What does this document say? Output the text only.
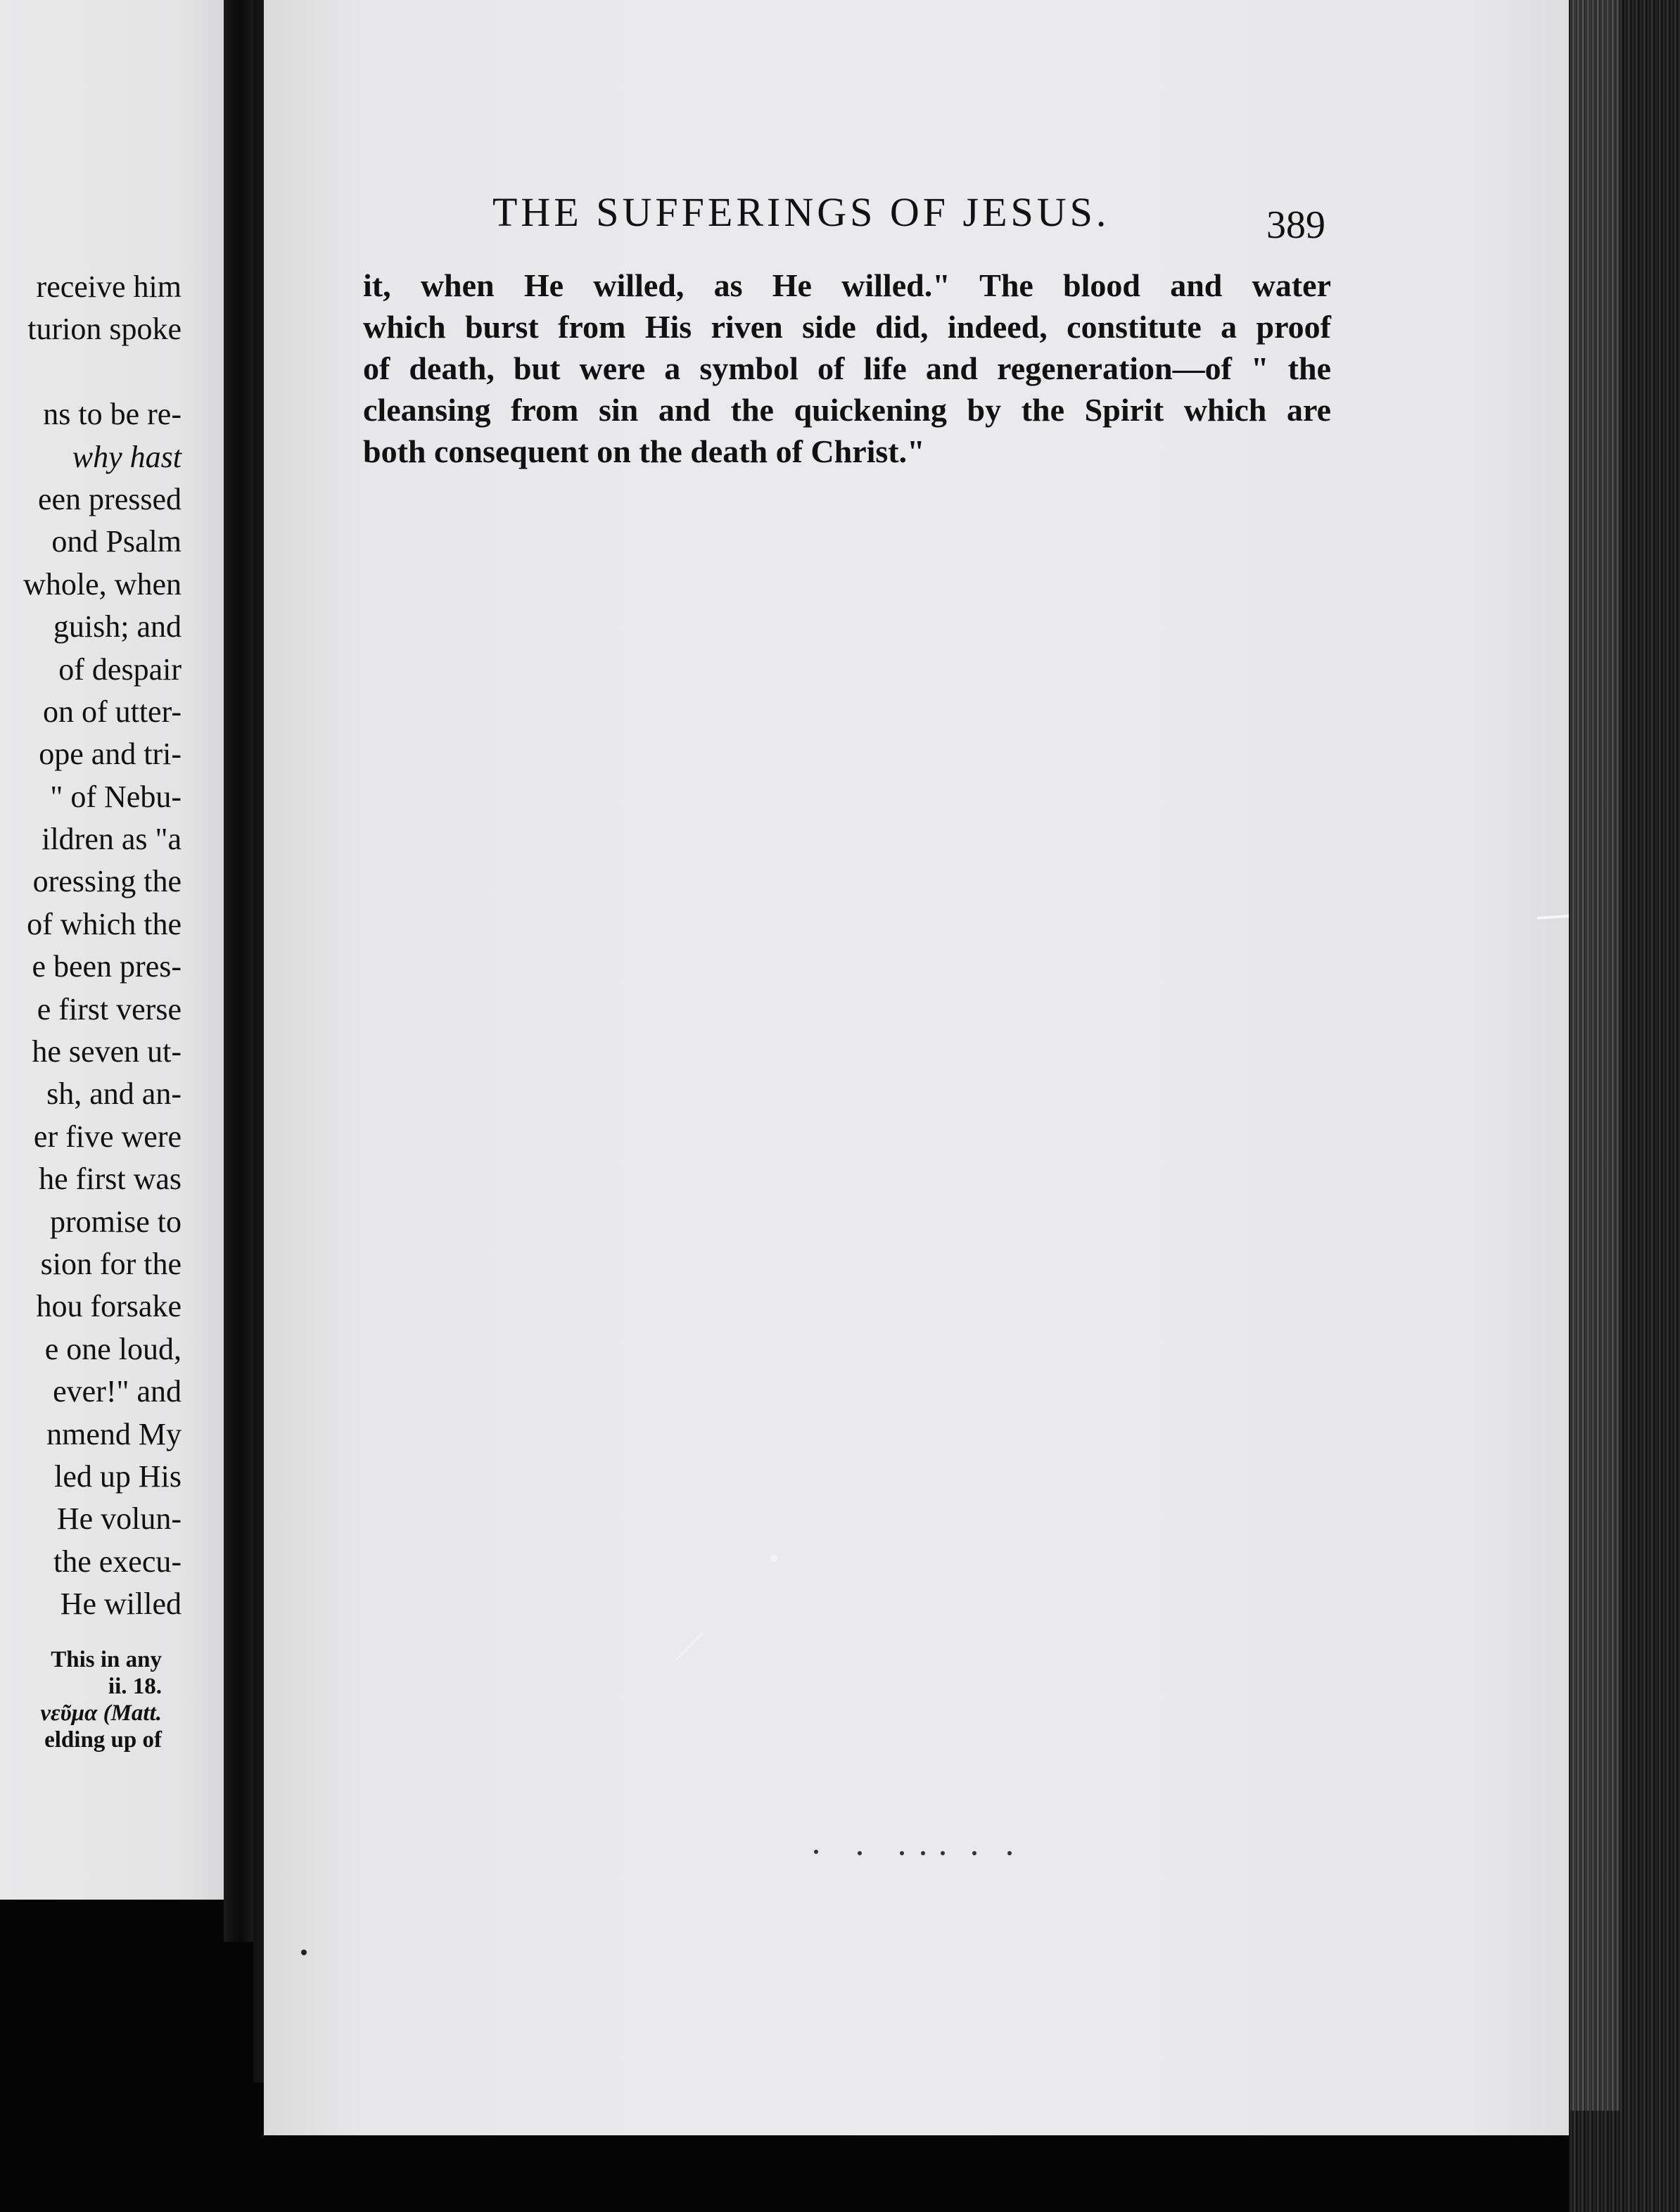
receive him
turion spoke
ns to be re-
why hast
een pressed
ond Psalm
whole, when
guish; and
of despair
on of utter-
ope and tri-
" of Nebu-
ildren as "a
oressing the
of which the
e been pres-
e first verse
he seven ut-
sh, and an-
er five were
he first was
promise to
sion for the
hou forsake
e one loud,
ever!" and
nmend My
led up His
He volun-
the execu-
He willed
This in any
ii. 18.
νεῦμα (Matt.
elding up of
THE SUFFERINGS OF JESUS.	389
it, when He willed, as He willed." The blood and water
which burst from His riven side did, indeed, constitute a proof
of death, but were a symbol of life and regeneration—of " the
cleansing from sin and the quickening by the Spirit which are
both consequent on the death of Christ."
